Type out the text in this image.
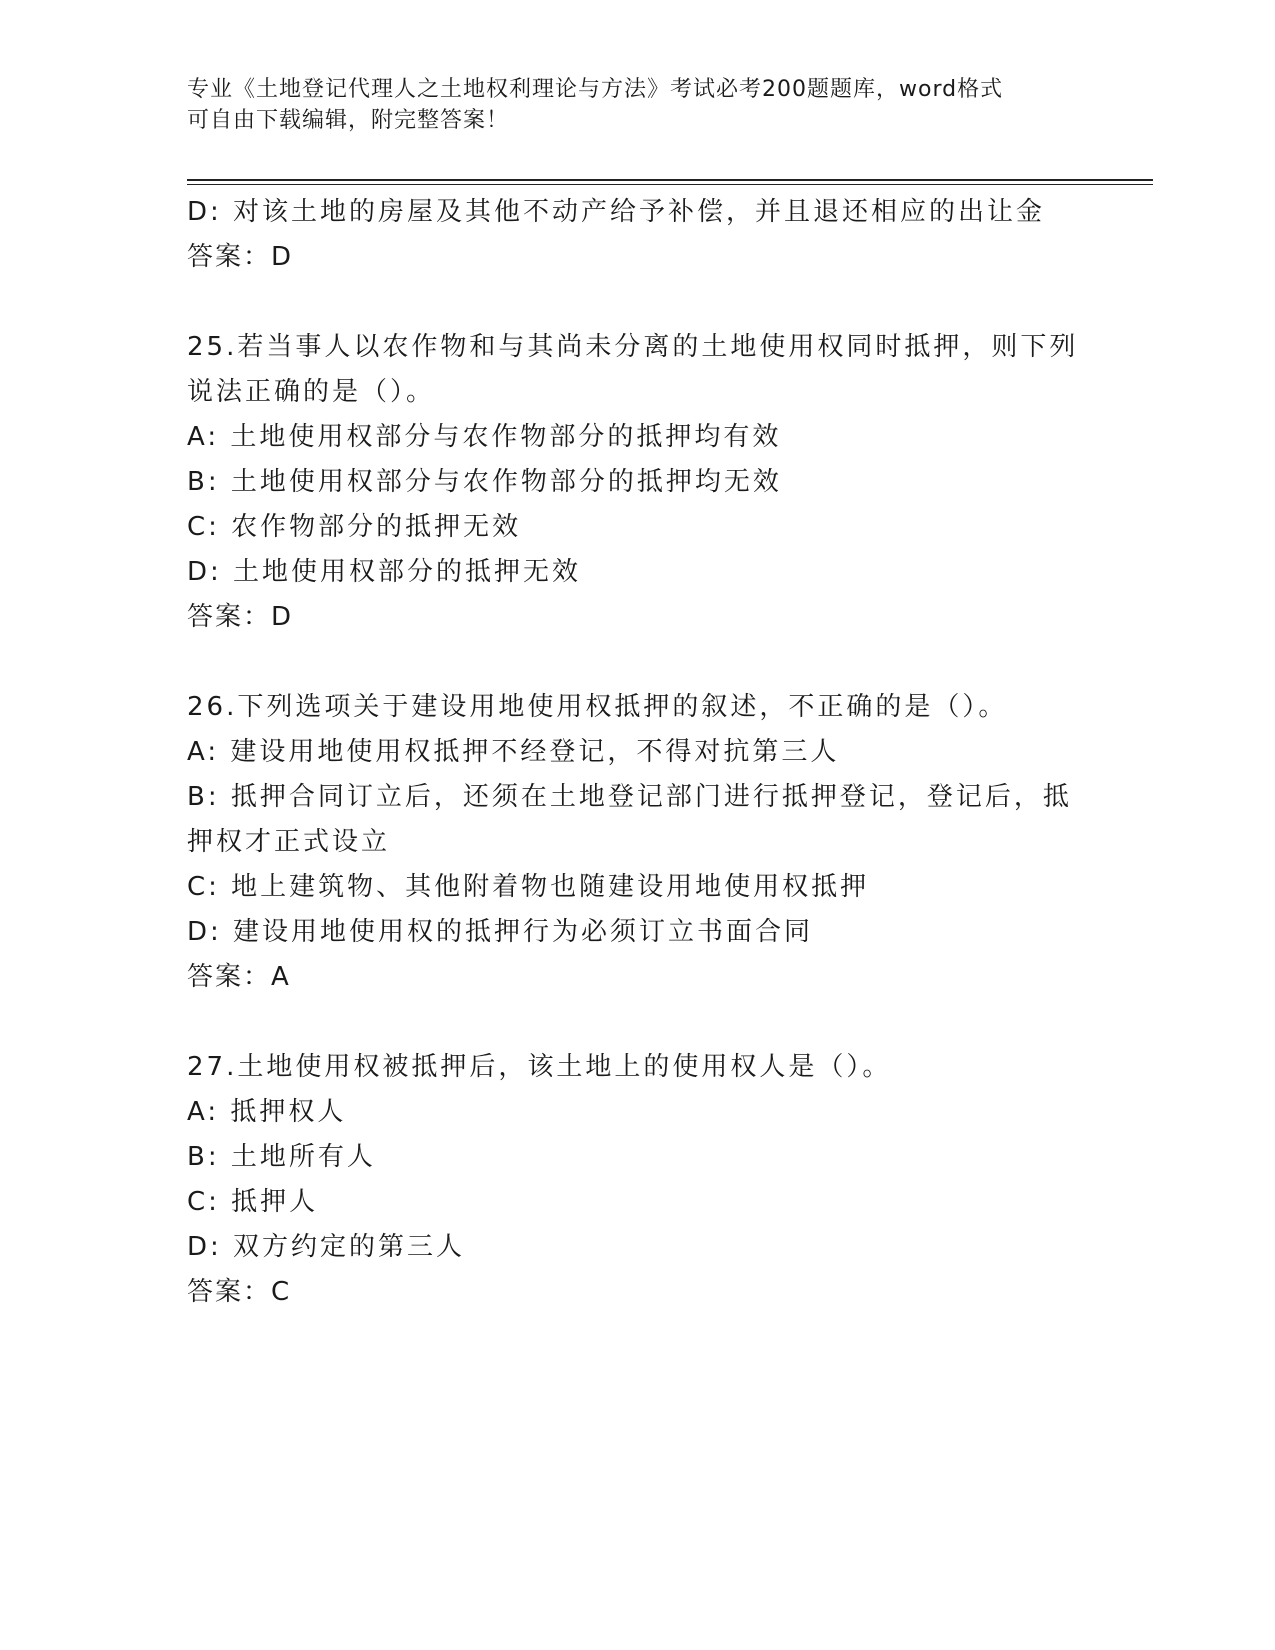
专业《土地登记代理人之土地权利理论与方法》考试必考200题题库，word格式
可自由下载编辑，附完整答案！
D: 对该土地的房屋及其他不动产给予补偿，并且退还相应的出让金
答案：D
25.若当事人以农作物和与其尚未分离的土地使用权同时抵押，则下列
说法正确的是（）。
A: 土地使用权部分与农作物部分的抵押均有效
B: 土地使用权部分与农作物部分的抵押均无效
C: 农作物部分的抵押无效
D: 土地使用权部分的抵押无效
答案：D
26.下列选项关于建设用地使用权抵押的叙述，不正确的是（）。
A: 建设用地使用权抵押不经登记，不得对抗第三人
B: 抵押合同订立后，还须在土地登记部门进行抵押登记，登记后，抵
押权才正式设立
C: 地上建筑物、其他附着物也随建设用地使用权抵押
D: 建设用地使用权的抵押行为必须订立书面合同
答案：A
27.土地使用权被抵押后，该土地上的使用权人是（）。
A: 抵押权人
B: 土地所有人
C: 抵押人
D: 双方约定的第三人
答案：C
